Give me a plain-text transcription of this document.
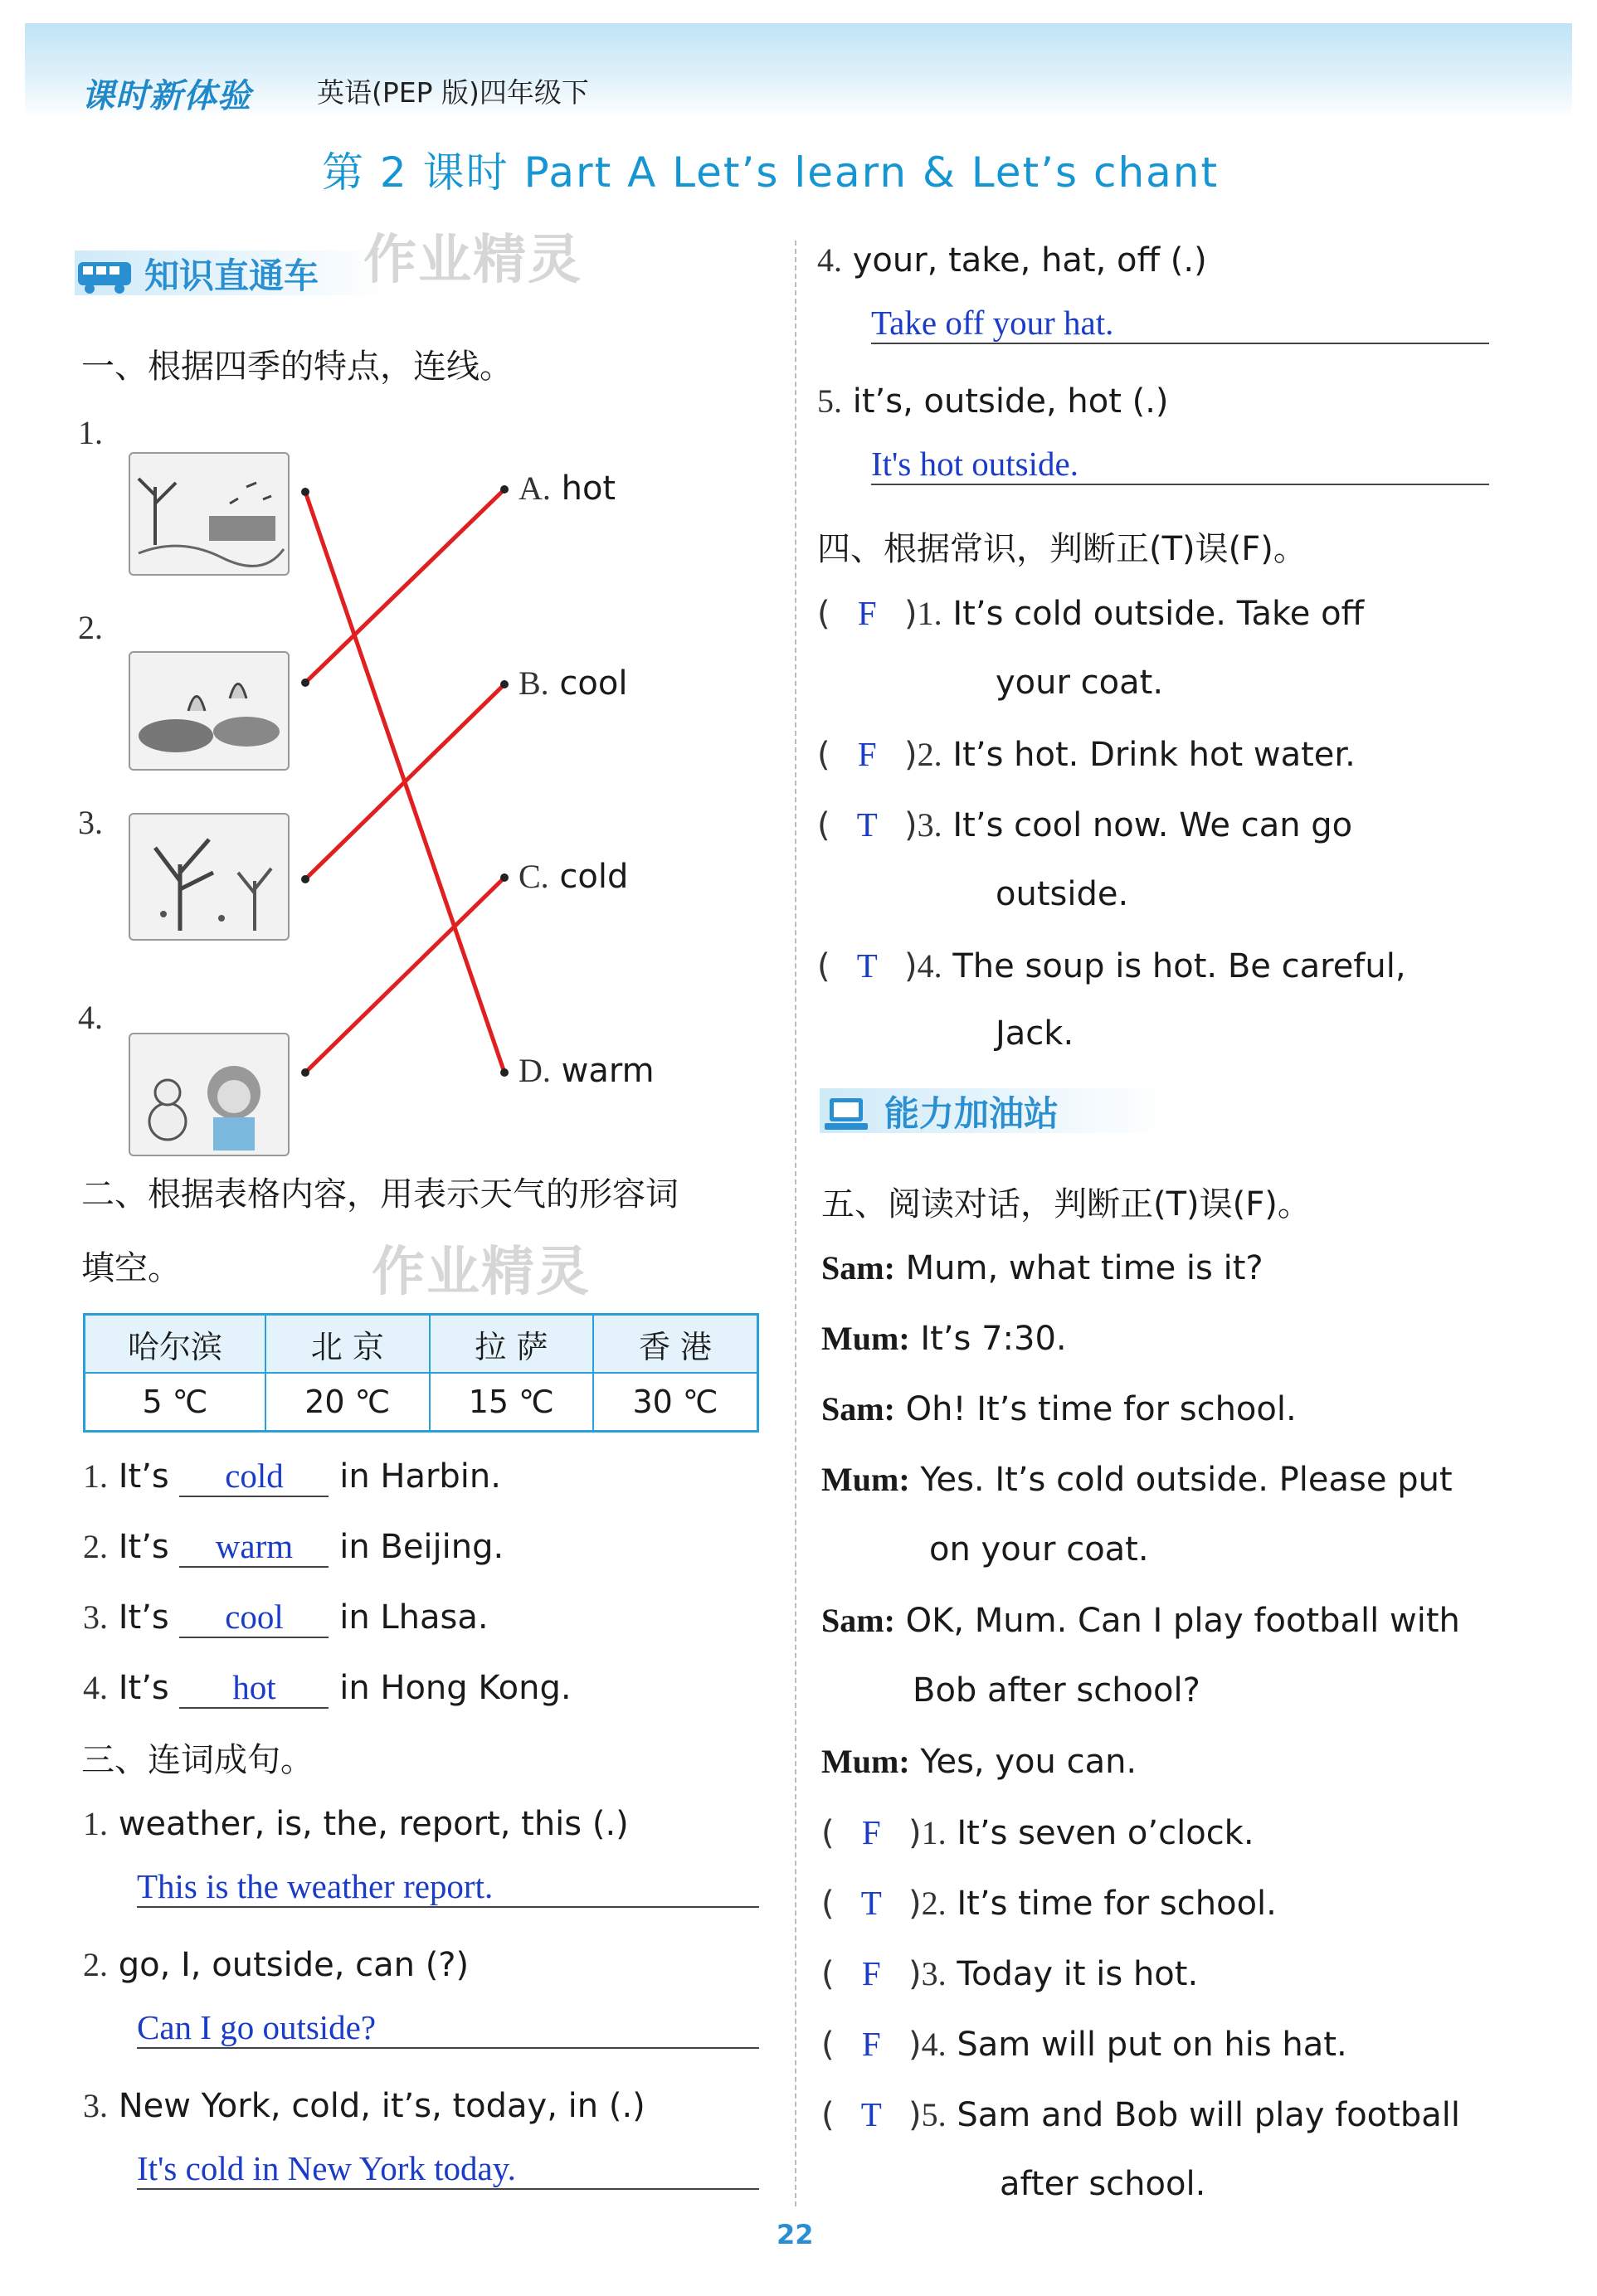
课时新体验 英语(PEP 版)四年级下
第 2 课时 Part A Let’s learn & Let’s chant
知识直通车 作业精灵
一、根据四季的特点，连线。
1.
2.
3.
4.
A. hot
B. cool
C. cold
D. warm
二、根据表格内容，用表示天气的形容词
填空。	作业精灵
哈尔滨	北 京	拉 萨	香 港
5 ℃	20 ℃	15 ℃	30 ℃
1. It’s cold in Harbin.
2. It’s warm in Beijing.
3. It’s cool in Lhasa.
4. It’s hot in Hong Kong.
三、连词成句。
1. weather, is, the, report, this (.)
This is the weather report.
2. go, I, outside, can (?)
Can I go outside?
3. New York, cold, it’s, today, in (.)
It's cold in New York today.
4. your, take, hat, off (.)
Take off your hat.
5. it’s, outside, hot (.)
It's hot outside.
四、根据常识，判断正(T)误(F)。
( F )1. It’s cold outside. Take off
your coat.
( F )2. It’s hot. Drink hot water.
( T )3. It’s cool now. We can go
outside.
( T )4. The soup is hot. Be careful,
Jack.
能力加油站
五、阅读对话，判断正(T)误(F)。
Sam: Mum, what time is it?
Mum: It’s 7:30.
Sam: Oh! It’s time for school.
Mum: Yes. It’s cold outside. Please put
on your coat.
Sam: OK, Mum. Can I play football with
Bob after school?
Mum: Yes, you can.
( F )1. It’s seven o’clock.
( T )2. It’s time for school.
( F )3. Today it is hot.
( F )4. Sam will put on his hat.
( T )5. Sam and Bob will play football
after school.
22
